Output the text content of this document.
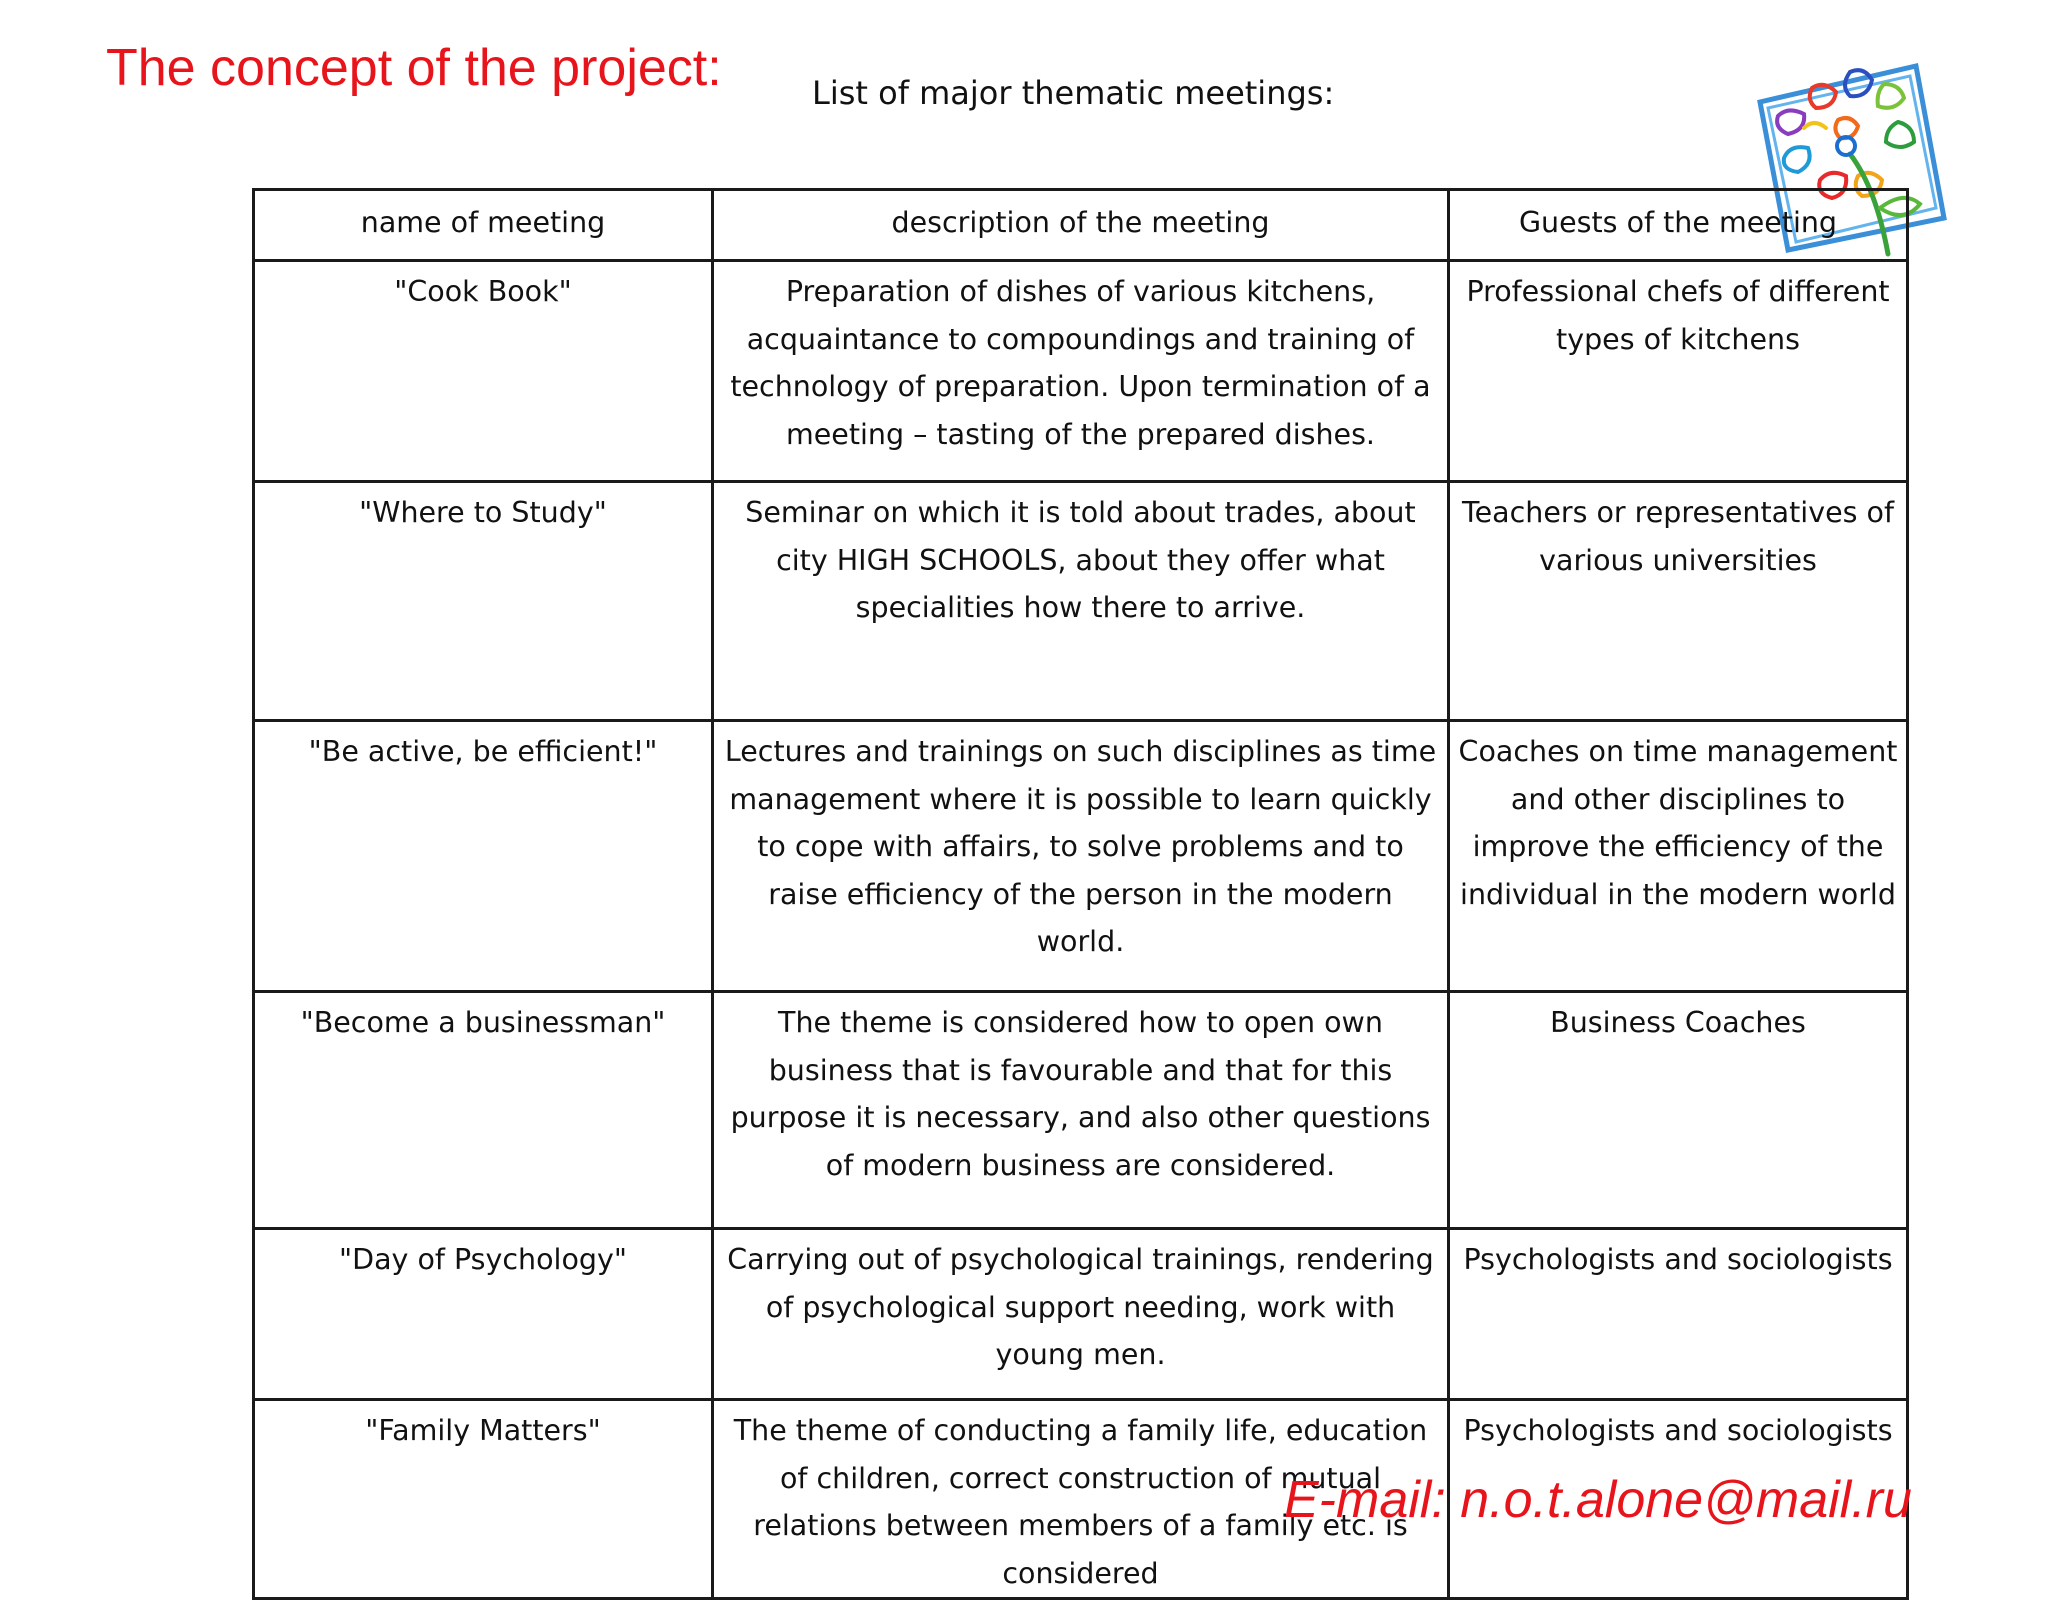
The concept of the project:	List of major thematic meetings:
name of meeting	description of the meeting	Guests of the meeting
"Cook Book"	Preparation of dishes of various kitchens, acquaintance to compoundings and training of technology of preparation. Upon termination of a meeting – tasting of the prepared dishes.	Professional chefs of different types of kitchens
"Where to Study"	Seminar on which it is told about trades, about city HIGH SCHOOLS, about they offer what specialities how there to arrive.	Teachers or representatives of various universities
"Be active, be efficient!"	Lectures and trainings on such disciplines as time management where it is possible to learn quickly to cope with affairs, to solve problems and to raise efficiency of the person in the modern world.	Coaches on time management and other disciplines to improve the efficiency of the individual in the modern world
"Become a businessman"	The theme is considered how to open own business that is favourable and that for this purpose it is necessary, and also other questions of modern business are considered.	Business Coaches
"Day of Psychology"	Carrying out of psychological trainings, rendering of psychological support needing, work with young men.	Psychologists and sociologists
"Family Matters"	The theme of conducting a family life, education of children, correct construction of mutual relations between members of a family etc. is considered	Psychologists and sociologists
E-mail: n.o.t.alone@mail.ru
